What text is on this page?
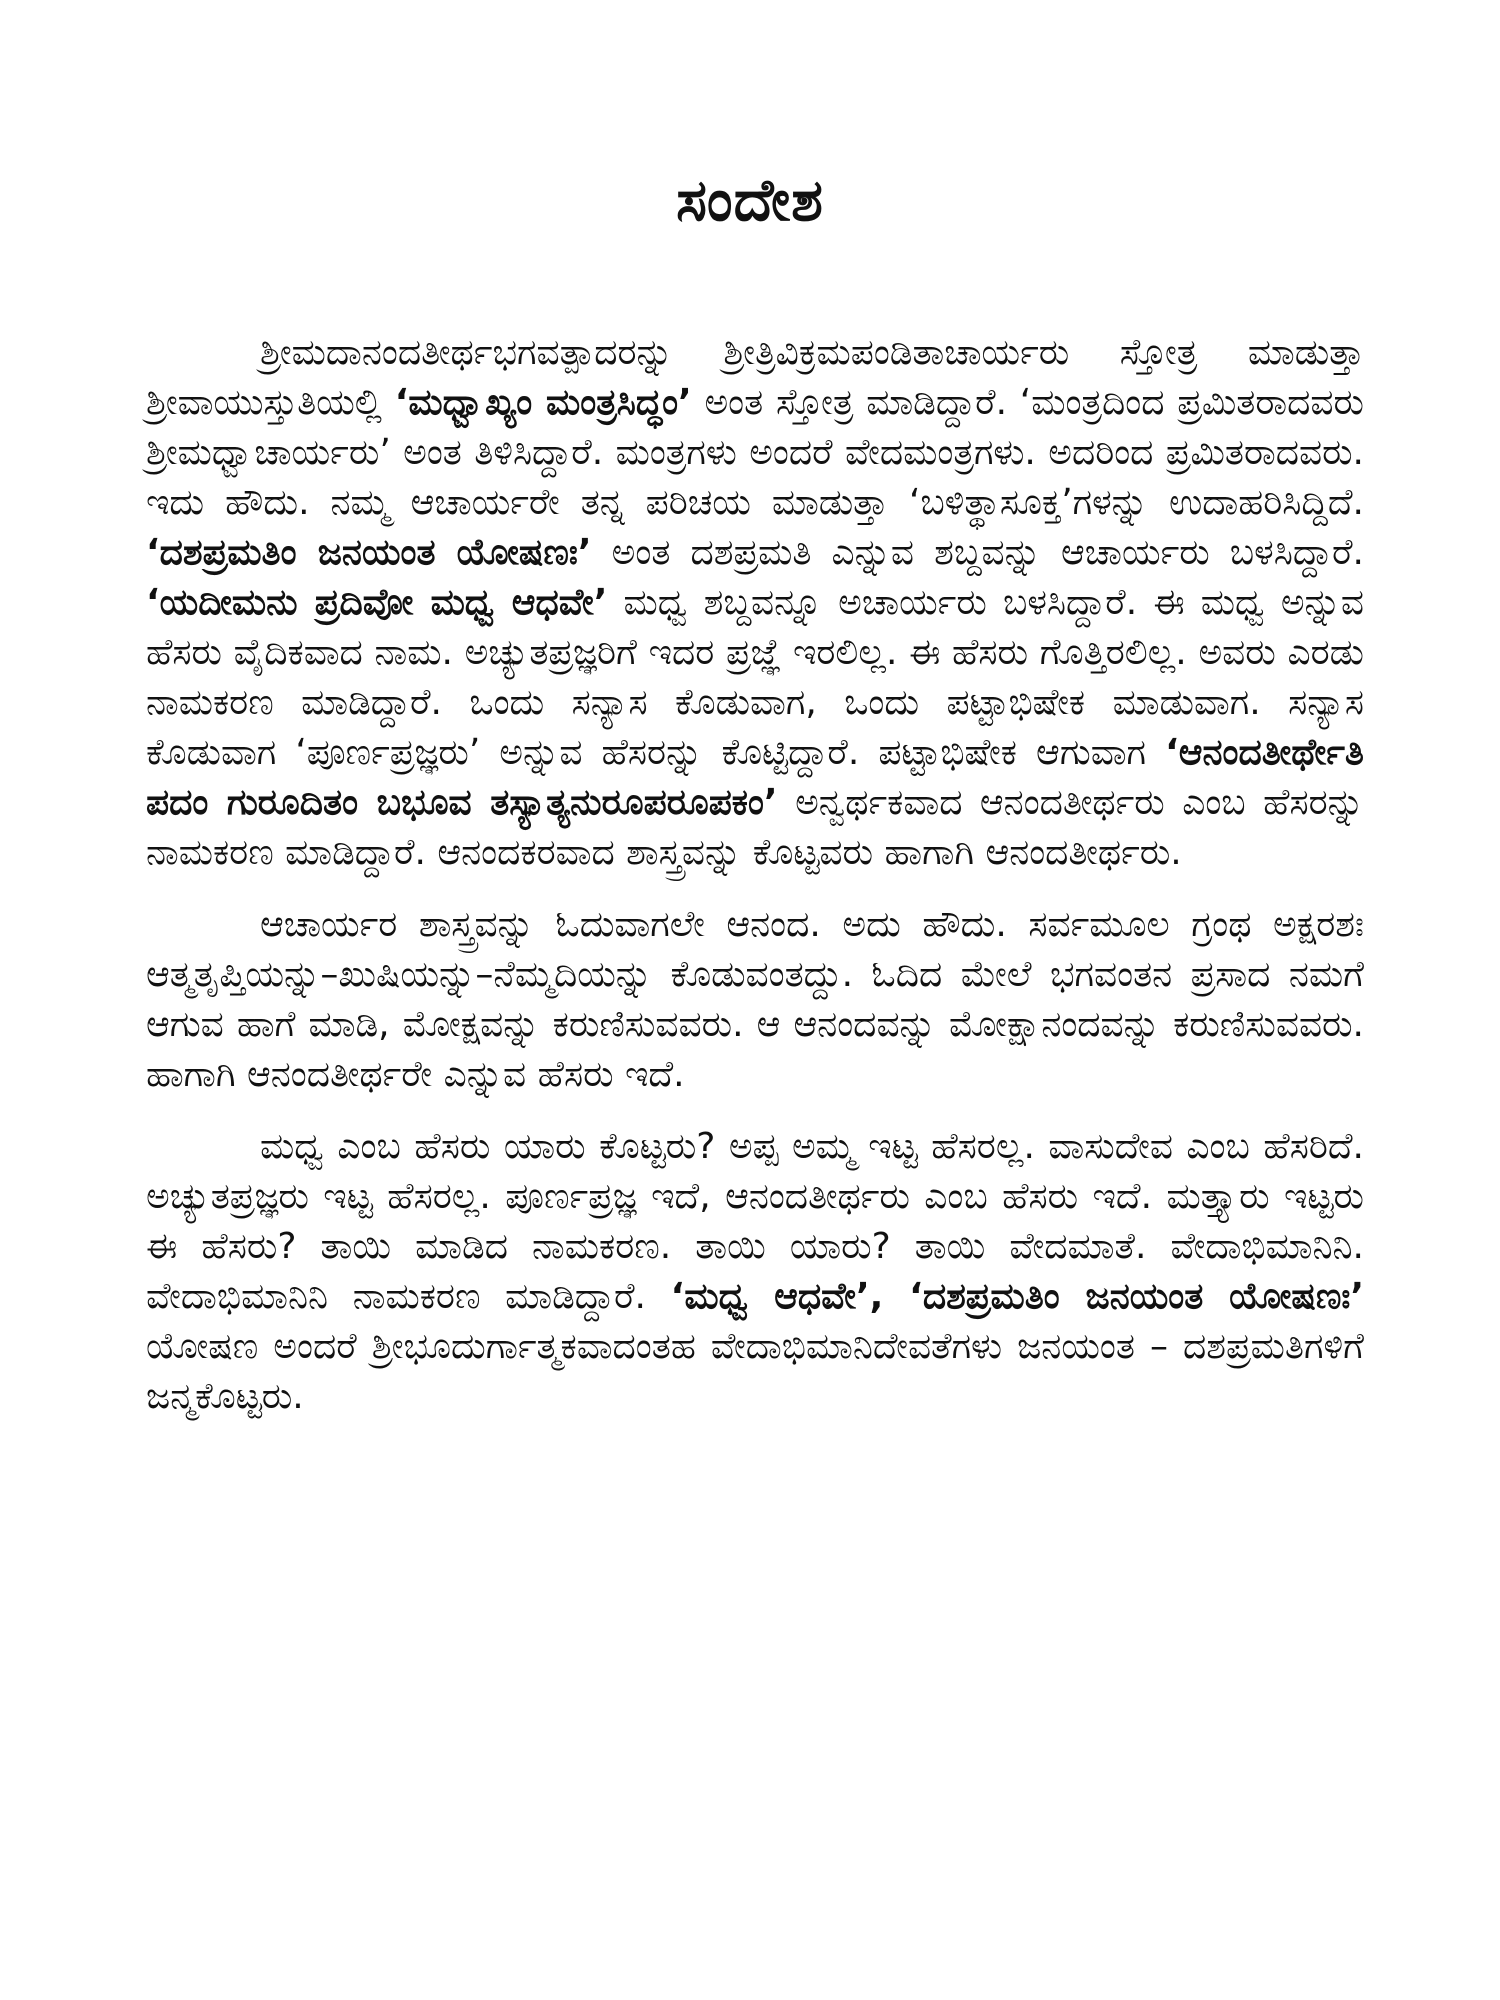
ಸಂದೇಶ

ಶ್ರೀಮದಾನಂದತೀರ್ಥಭಗವತ್ಪಾದರನ್ನು ಶ್ರೀತ್ರಿವಿಕ್ರಮಪಂಡಿತಾಚಾರ್ಯರು ಸ್ತೋತ್ರ ಮಾಡುತ್ತಾ ಶ್ರೀವಾಯುಸ್ತುತಿಯಲ್ಲಿ ‘ಮಧ್ವಾಖ್ಯಂ ಮಂತ್ರಸಿದ್ಧಂ’ ಅಂತ ಸ್ತೋತ್ರ ಮಾಡಿದ್ದಾರೆ. ‘ಮಂತ್ರದಿಂದ ಪ್ರಮಿತರಾದವರು ಶ್ರೀಮಧ್ವಾಚಾರ್ಯರು’ ಅಂತ ತಿಳಿಸಿದ್ದಾರೆ. ಮಂತ್ರಗಳು ಅಂದರೆ ವೇದಮಂತ್ರಗಳು. ಅದರಿಂದ ಪ್ರಮಿತರಾದವರು. ಇದು ಹೌದು. ನಮ್ಮ ಆಚಾರ್ಯರೇ ತನ್ನ ಪರಿಚಯ ಮಾಡುತ್ತಾ ‘ಬಳಿತ್ಥಾಸೂಕ್ತ’ಗಳನ್ನು ಉದಾಹರಿಸಿದ್ದಿದೆ. ‘ದಶಪ್ರಮತಿಂ ಜನಯಂತ ಯೋಷಣಃ’ ಅಂತ ದಶಪ್ರಮತಿ ಎನ್ನುವ ಶಬ್ದವನ್ನು ಆಚಾರ್ಯರು ಬಳಸಿದ್ದಾರೆ. ‘ಯದೀಮನು ಪ್ರದಿವೋ ಮಧ್ವ ಆಧವೇ’ ಮಧ್ವ ಶಬ್ದವನ್ನೂ ಅಚಾರ್ಯರು ಬಳಸಿದ್ದಾರೆ. ಈ ಮಧ್ವ ಅನ್ನುವ ಹೆಸರು ವೈದಿಕವಾದ ನಾಮ. ಅಚ್ಯುತಪ್ರಜ್ಞರಿಗೆ ಇದರ ಪ್ರಜ್ಞೆ ಇರಲಿಲ್ಲ. ಈ ಹೆಸರು ಗೊತ್ತಿರಲಿಲ್ಲ. ಅವರು ಎರಡು ನಾಮಕರಣ ಮಾಡಿದ್ದಾರೆ. ಒಂದು ಸನ್ಯಾಸ ಕೊಡುವಾಗ, ಒಂದು ಪಟ್ಟಾಭಿಷೇಕ ಮಾಡುವಾಗ. ಸನ್ಯಾಸ ಕೊಡುವಾಗ ‘ಪೂರ್ಣಪ್ರಜ್ಞರು’ ಅನ್ನುವ ಹೆಸರನ್ನು ಕೊಟ್ಟಿದ್ದಾರೆ. ಪಟ್ಟಾಭಿಷೇಕ ಆಗುವಾಗ ‘ಆನಂದತೀರ್ಥೇತಿ ಪದಂ ಗುರೂದಿತಂ ಬಭೂವ ತಸ್ಯಾತ್ಯನುರೂಪರೂಪಕಂ’ ಅನ್ವರ್ಥಕವಾದ ಆನಂದತೀರ್ಥರು ಎಂಬ ಹೆಸರನ್ನು ನಾಮಕರಣ ಮಾಡಿದ್ದಾರೆ. ಆನಂದಕರವಾದ ಶಾಸ್ತ್ರವನ್ನು ಕೊಟ್ಟವರು ಹಾಗಾಗಿ ಆನಂದತೀರ್ಥರು.

ಆಚಾರ್ಯರ ಶಾಸ್ತ್ರವನ್ನು ಓದುವಾಗಲೇ ಆನಂದ. ಅದು ಹೌದು. ಸರ್ವಮೂಲ ಗ್ರಂಥ ಅಕ್ಷರಶಃ ಆತ್ಮತೃಪ್ತಿಯನ್ನು–ಖುಷಿಯನ್ನು–ನೆಮ್ಮದಿಯನ್ನು ಕೊಡುವಂತದ್ದು. ಓದಿದ ಮೇಲೆ ಭಗವಂತನ ಪ್ರಸಾದ ನಮಗೆ ಆಗುವ ಹಾಗೆ ಮಾಡಿ, ಮೋಕ್ಷವನ್ನು ಕರುಣಿಸುವವರು. ಆ ಆನಂದವನ್ನು ಮೋಕ್ಷಾನಂದವನ್ನು ಕರುಣಿಸುವವರು. ಹಾಗಾಗಿ ಆನಂದತೀರ್ಥರೇ ಎನ್ನುವ ಹೆಸರು ಇದೆ.

ಮಧ್ವ ಎಂಬ ಹೆಸರು ಯಾರು ಕೊಟ್ಟರು? ಅಪ್ಪ ಅಮ್ಮ ಇಟ್ಟ ಹೆಸರಲ್ಲ. ವಾಸುದೇವ ಎಂಬ ಹೆಸರಿದೆ. ಅಚ್ಯುತಪ್ರಜ್ಞರು ಇಟ್ಟ ಹೆಸರಲ್ಲ. ಪೂರ್ಣಪ್ರಜ್ಞ ಇದೆ, ಆನಂದತೀರ್ಥರು ಎಂಬ ಹೆಸರು ಇದೆ. ಮತ್ತ್ಯಾರು ಇಟ್ಟರು ಈ ಹೆಸರು? ತಾಯಿ ಮಾಡಿದ ನಾಮಕರಣ. ತಾಯಿ ಯಾರು? ತಾಯಿ ವೇದಮಾತೆ. ವೇದಾಭಿಮಾನಿನಿ. ವೇದಾಭಿಮಾನಿನಿ ನಾಮಕರಣ ಮಾಡಿದ್ದಾರೆ. ‘ಮಧ್ವ ಆಧವೇ’, ‘ದಶಪ್ರಮತಿಂ ಜನಯಂತ ಯೋಷಣಃ’ ಯೋಷಣ ಅಂದರೆ ಶ್ರೀಭೂದುರ್ಗಾತ್ಮಕವಾದಂತಹ ವೇದಾಭಿಮಾನಿದೇವತೆಗಳು ಜನಯಂತ – ದಶಪ್ರಮತಿಗಳಿಗೆ ಜನ್ಮಕೊಟ್ಟರು.
